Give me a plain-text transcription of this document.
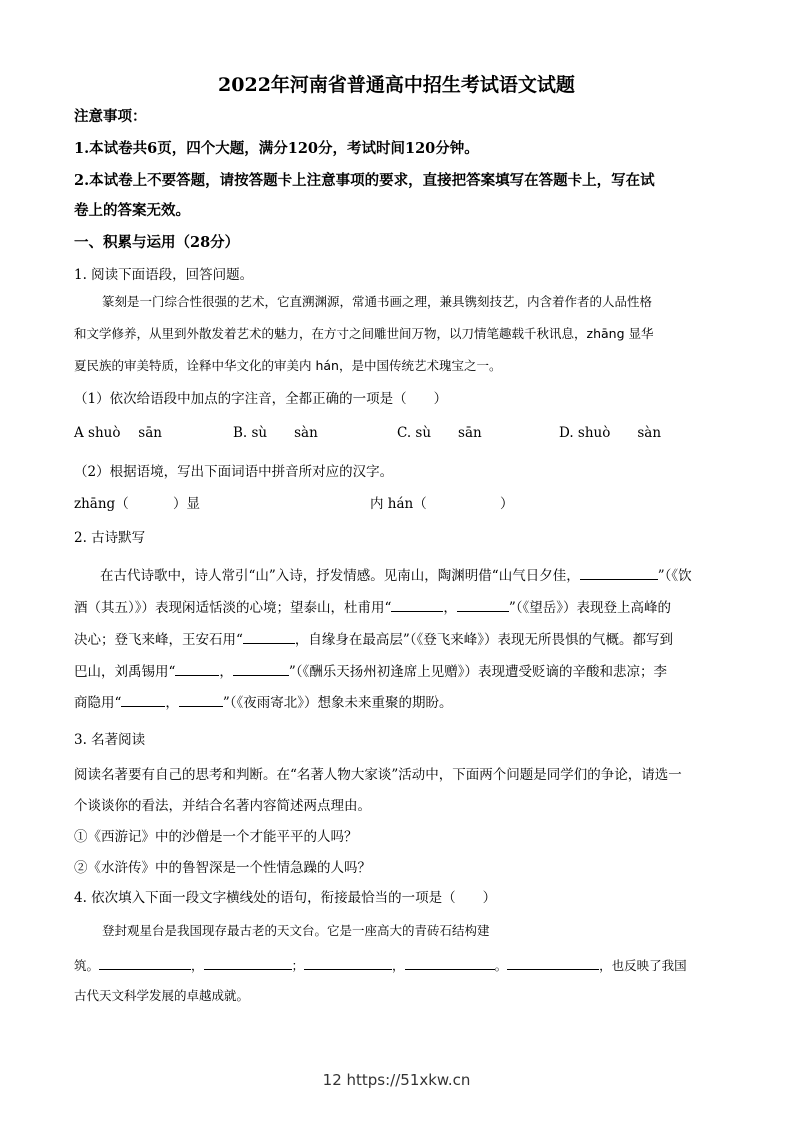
2022年河南省普通高中招生考试语文试题
注意事项：
1.本试卷共6页，四个大题，满分120分，考试时间120分钟。
2.本试卷上不要答题，请按答题卡上注意事项的要求，直接把答案填写在答题卡上，写在试
卷上的答案无效。
一、积累与运用（28分）
1. 阅读下面语段，回答问题。
篆刻是一门综合性很强的艺术，它直溯渊源，常通书画之理，兼具镌刻技艺，内含着作者的人品性格
和文学修养，从里到外散发着艺术的魅力，在方寸之间雕世间万物，以刀情笔趣载千秋讯息，zhāng 显华
夏民族的审美特质，诠释中华文化的审美内 hán，是中国传统艺术瑰宝之一。
（1）依次给语段中加点的字注音，全都正确的一项是（　　）
A shuò　 sān	B. sù　　sàn	C. sù　　sān	D. shuò　　sàn
（2）根据语境，写出下面词语中拼音所对应的汉字。
zhāng（	）显	内 hán（	）
2. 古诗默写
在古代诗歌中，诗人常引“山”入诗，抒发情感。见南山，陶渊明借“山气日夕佳，	”（《饮
酒（其五）》）表现闲适恬淡的心境；望泰山，杜甫用“	，	”（《望岳》）表现登上高峰的
决心；登飞来峰，王安石用“	，自缘身在最高层”（《登飞来峰》）表现无所畏惧的气概。都写到
巴山，刘禹锡用“	，	”（《酬乐天扬州初逢席上见赠》）表现遭受贬谪的辛酸和悲凉；李
商隐用“	，	”（《夜雨寄北》）想象未来重聚的期盼。
3. 名著阅读
阅读名著要有自己的思考和判断。在“名著人物大家谈”活动中，下面两个问题是同学们的争论，请选一
个谈谈你的看法，并结合名著内容简述两点理由。
①《西游记》中的沙僧是一个才能平平的人吗？
②《水浒传》中的鲁智深是一个性情急躁的人吗？
4. 依次填入下面一段文字横线处的语句，衔接最恰当的一项是（　　）
登封观星台是我国现存最古老的天文台。它是一座高大的青砖石结构建
筑。	，	；	，	。	，也反映了我国
古代天文科学发展的卓越成就。
12 https://51xkw.cn
